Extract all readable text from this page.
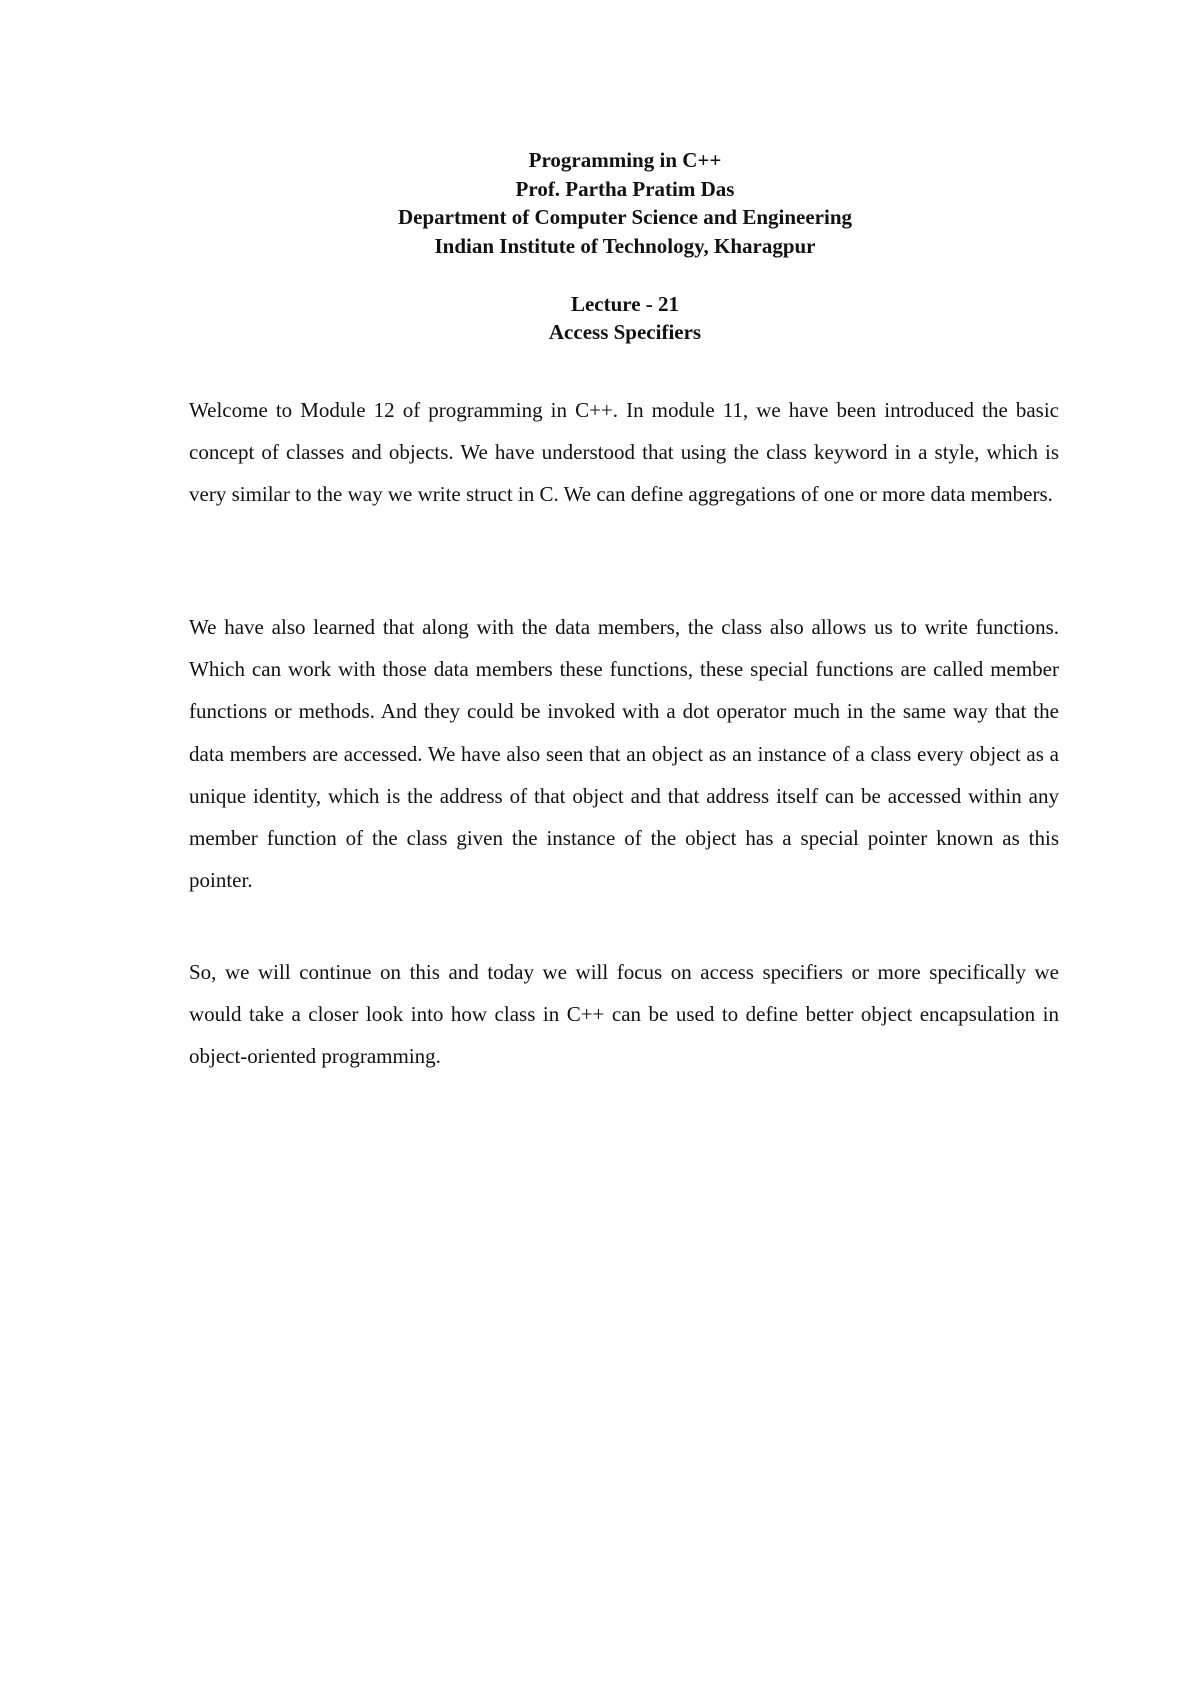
Programming in C++
Prof. Partha Pratim Das
Department of Computer Science and Engineering
Indian Institute of Technology, Kharagpur
Lecture - 21
Access Specifiers

Welcome to Module 12 of programming in C++. In module 11, we have been introduced the basic concept of classes and objects. We have understood that using the class keyword in a style, which is very similar to the way we write struct in C. We can define aggregations of one or more data members.

We have also learned that along with the data members, the class also allows us to write functions. Which can work with those data members these functions, these special functions are called member functions or methods. And they could be invoked with a dot operator much in the same way that the data members are accessed. We have also seen that an object as an instance of a class every object as a unique identity, which is the address of that object and that address itself can be accessed within any member function of the class given the instance of the object has a special pointer known as this pointer.

So, we will continue on this and today we will focus on access specifiers or more specifically we would take a closer look into how class in C++ can be used to define better object encapsulation in object-oriented programming.
